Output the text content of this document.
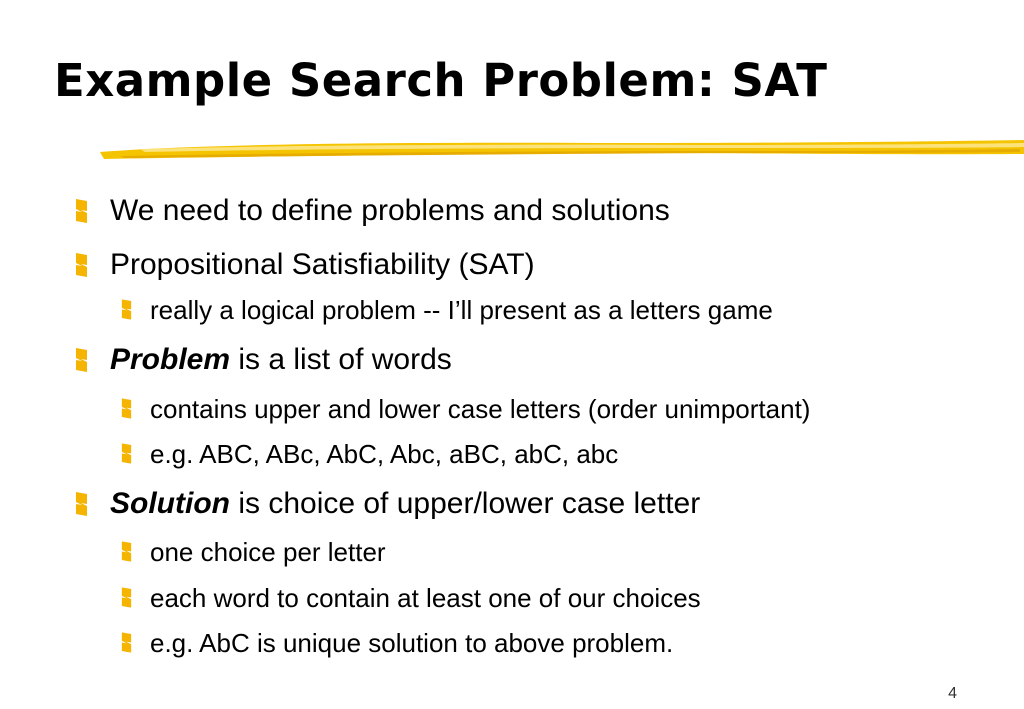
Example Search Problem: SAT
We need to define problems and solutions
Propositional Satisfiability (SAT)
really a logical problem -- I’ll present as a letters game
Problem is a list of words
contains upper and lower case letters (order unimportant)
e.g. ABC, ABc, AbC, Abc, aBC, abC, abc
Solution is choice of upper/lower case letter
one choice per letter
each word to contain at least one of our choices
e.g. AbC is unique solution to above problem.
4
